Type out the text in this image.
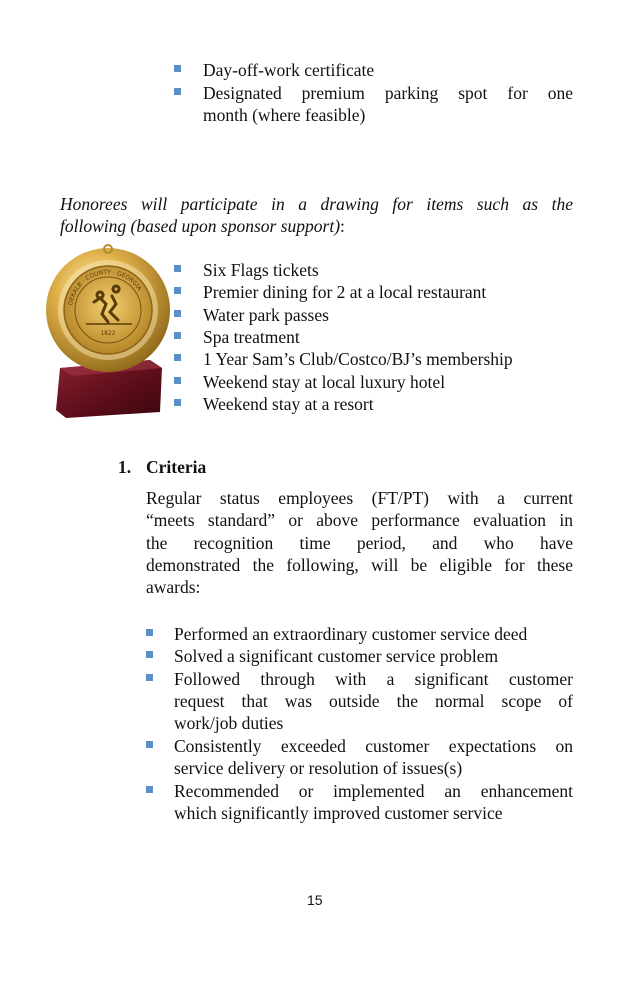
Day-off-work certificate
Designated premium parking spot for one
month (where feasible)
Honorees will participate in a drawing for items such as the
following (based upon sponsor support):
DEKALB · COUNTY · GEORGIA
1822
Six Flags tickets
Premier dining for 2 at a local restaurant
Water park passes
Spa treatment
1 Year Sam’s Club/Costco/BJ’s membership
Weekend stay at local luxury hotel
Weekend stay at a resort
1. Criteria
Regular status employees (FT/PT) with a current
“meets standard” or above performance evaluation in
the recognition time period, and who have
demonstrated the following, will be eligible for these
awards:
Performed an extraordinary customer service deed
Solved a significant customer service problem
Followed through with a significant customer
request that was outside the normal scope of
work/job duties
Consistently exceeded customer expectations on
service delivery or resolution of issues(s)
Recommended or implemented an enhancement
which significantly improved customer service
15
